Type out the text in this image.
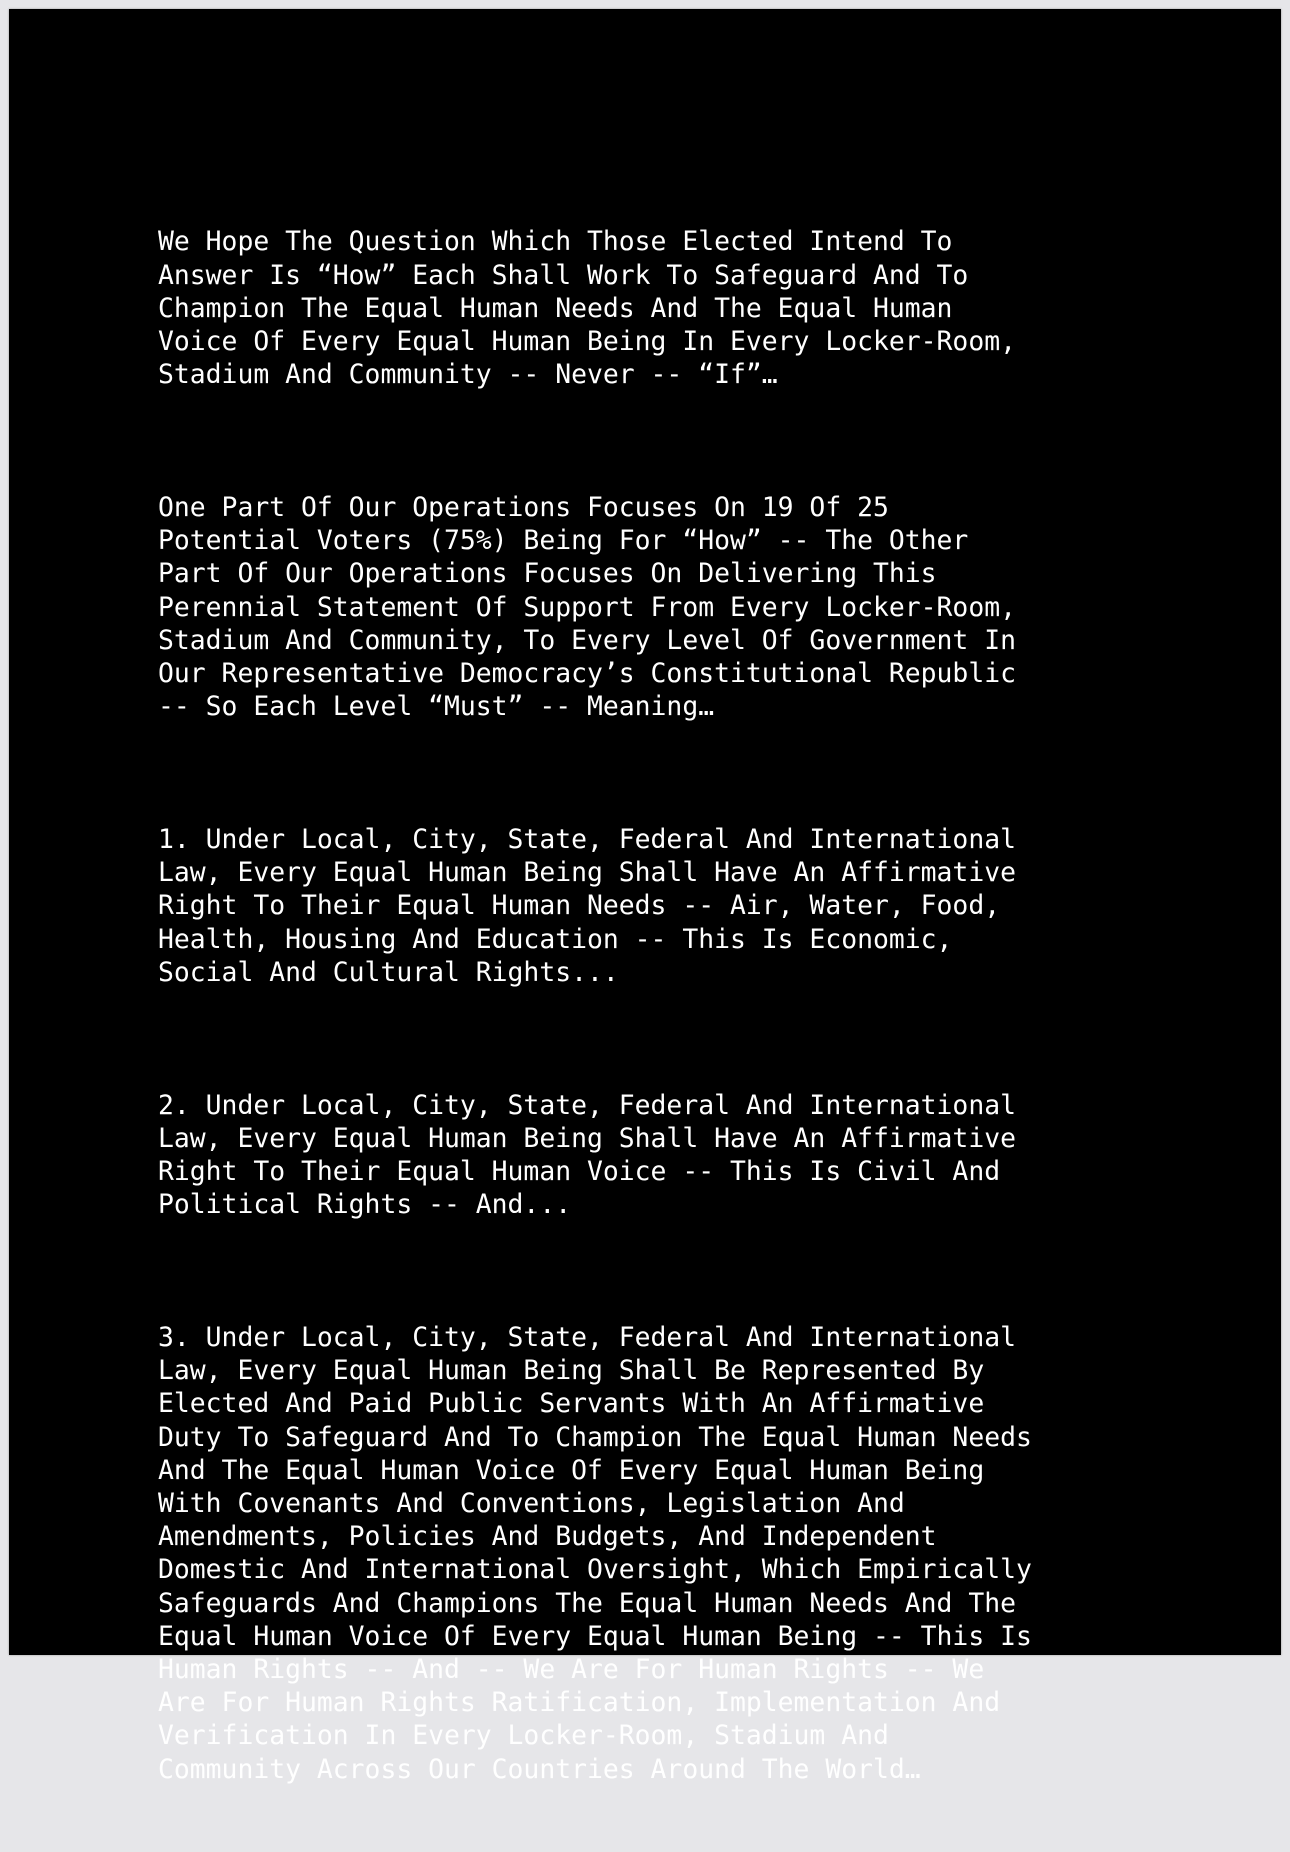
We Hope The Question Which Those Elected Intend To
Answer Is “How” Each Shall Work To Safeguard And To
Champion The Equal Human Needs And The Equal Human
Voice Of Every Equal Human Being In Every Locker-Room,
Stadium And Community -- Never -- “If”…

One Part Of Our Operations Focuses On 19 Of 25
Potential Voters (75%) Being For “How” -- The Other
Part Of Our Operations Focuses On Delivering This
Perennial Statement Of Support From Every Locker-Room,
Stadium And Community, To Every Level Of Government In
Our Representative Democracy’s Constitutional Republic
-- So Each Level “Must” -- Meaning…

1. Under Local, City, State, Federal And International
Law, Every Equal Human Being Shall Have An Affirmative
Right To Their Equal Human Needs -- Air, Water, Food,
Health, Housing And Education -- This Is Economic,
Social And Cultural Rights...

2. Under Local, City, State, Federal And International
Law, Every Equal Human Being Shall Have An Affirmative
Right To Their Equal Human Voice -- This Is Civil And
Political Rights -- And...

3. Under Local, City, State, Federal And International
Law, Every Equal Human Being Shall Be Represented By
Elected And Paid Public Servants With An Affirmative
Duty To Safeguard And To Champion The Equal Human Needs
And The Equal Human Voice Of Every Equal Human Being
With Covenants And Conventions, Legislation And
Amendments, Policies And Budgets, And Independent
Domestic And International Oversight, Which Empirically
Safeguards And Champions The Equal Human Needs And The
Equal Human Voice Of Every Equal Human Being -- This Is
Human Rights -- And -- We Are For Human Rights -- We
Are For Human Rights Ratification, Implementation And
Verification In Every Locker-Room, Stadium And
Community Across Our Countries Around The World…
